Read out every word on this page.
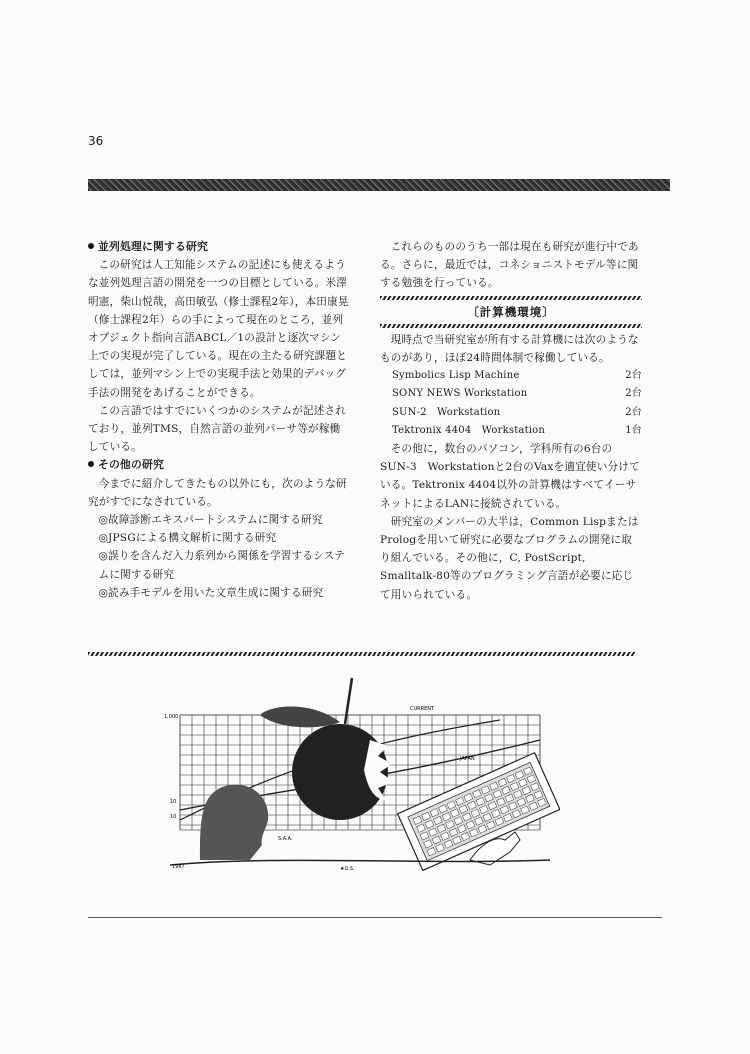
36
並列処理に関する研究

この研究は人工知能システムの記述にも使えるような並列処理言語の開発を一つの目標としている。米澤明憲，柴山悦哉，高田敏弘（修士課程2年），本田康晃（修士課程2年）らの手によって現在のところ，並列オブジェクト指向言語ABCL／1の設計と逐次マシン上での実現が完了している。現在の主たる研究課題としては，並列マシン上での実現手法と効果的デバッグ手法の開発をあげることができる。

この言語ではすでにいくつかのシステムが記述されており，並列TMS，自然言語の並列パーサ等が稼働している。

その他の研究

今までに紹介してきたもの以外にも，次のような研究がすでになされている。

◎故障診断エキスパートシステムに関する研究
◎JPSGによる構文解析に関する研究
◎誤りを含んだ入力系列から関係を学習するシステムに関する研究
◎読み手モデルを用いた文章生成に関する研究

これらのもののうち一部は現在も研究が進行中である。さらに，最近では，コネショニストモデル等に関する勉強を行っている。

〔計算機環境〕

現時点で当研究室が所有する計算機には次のようなものがあり，ほぼ24時間体制で稼働している。

Symbolics Lisp Machine	2台
SONY NEWS Workstation	2台
SUN-2　Workstation	2台
Tektronix 4404　Workstation	1台

その他に，数台のパソコン，学科所有の6台のSUN-3　Workstationと2台のVaxを適宜使い分けている。Tektronix 4404以外の計算機はすべてイーサネットによるLANに接続されている。

研究室のメンバーの大半は，Common LispまたはPrologを用いて研究に必要なプログラムの開発に取り組んでいる。その他に，C, PostScript, Smalltalk-80等のプログラミング言語が必要に応じて用いられている。

1,000
CURRENT
JAPAN
S.A.A.
1987	★U.S.
10
10
